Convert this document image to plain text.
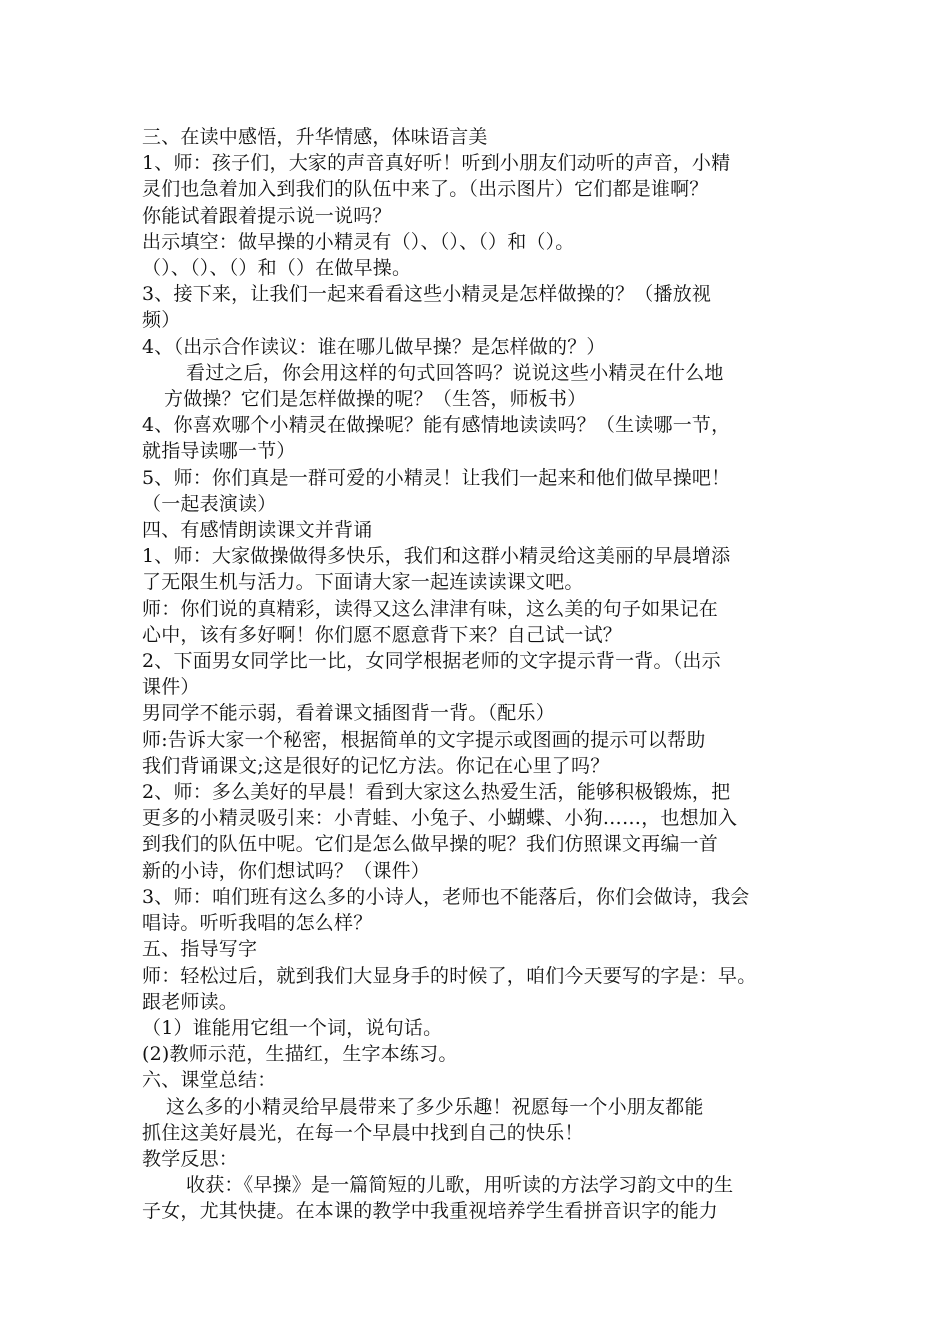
三、在读中感悟，升华情感，体味语言美
1、师：孩子们，大家的声音真好听！听到小朋友们动听的声音，小精
灵们也急着加入到我们的队伍中来了。（出示图片）它们都是谁啊？
你能试着跟着提示说一说吗？
出示填空：做早操的小精灵有（）、（）、（）和（）。
（）、（）、（）和（）在做早操。
3、接下来，让我们一起来看看这些小精灵是怎样做操的？（播放视
频）
4、（出示合作读议：谁在哪儿做早操？是怎样做的？）
看过之后，你会用这样的句式回答吗？说说这些小精灵在什么地
方做操？它们是怎样做操的呢？（生答，师板书）
4、你喜欢哪个小精灵在做操呢？能有感情地读读吗？（生读哪一节，
就指导读哪一节）
5、师：你们真是一群可爱的小精灵！让我们一起来和他们做早操吧！
（一起表演读）
四、有感情朗读课文并背诵
1、师：大家做操做得多快乐，我们和这群小精灵给这美丽的早晨增添
了无限生机与活力。下面请大家一起连读读课文吧。
师：你们说的真精彩，读得又这么津津有味，这么美的句子如果记在
心中，该有多好啊！你们愿不愿意背下来？自己试一试？
2、下面男女同学比一比，女同学根据老师的文字提示背一背。（出示
课件）
男同学不能示弱，看着课文插图背一背。（配乐）
师:告诉大家一个秘密，根据简单的文字提示或图画的提示可以帮助
我们背诵课文;这是很好的记忆方法。你记在心里了吗？
2、师：多么美好的早晨！看到大家这么热爱生活，能够积极锻炼，把
更多的小精灵吸引来：小青蛙、小兔子、小蝴蝶、小狗……，也想加入
到我们的队伍中呢。它们是怎么做早操的呢？我们仿照课文再编一首
新的小诗，你们想试吗？（课件）
3、师：咱们班有这么多的小诗人，老师也不能落后，你们会做诗，我会
唱诗。听听我唱的怎么样？
五、指导写字
师：轻松过后，就到我们大显身手的时候了，咱们今天要写的字是：早。
跟老师读。
（1）谁能用它组一个词，说句话。
(2)教师示范，生描红，生字本练习。
六、课堂总结：
这么多的小精灵给早晨带来了多少乐趣！祝愿每一个小朋友都能
抓住这美好晨光，在每一个早晨中找到自己的快乐！
教学反思：
收获：《早操》是一篇简短的儿歌，用听读的方法学习韵文中的生
子女，尤其快捷。在本课的教学中我重视培养学生看拼音识字的能力
